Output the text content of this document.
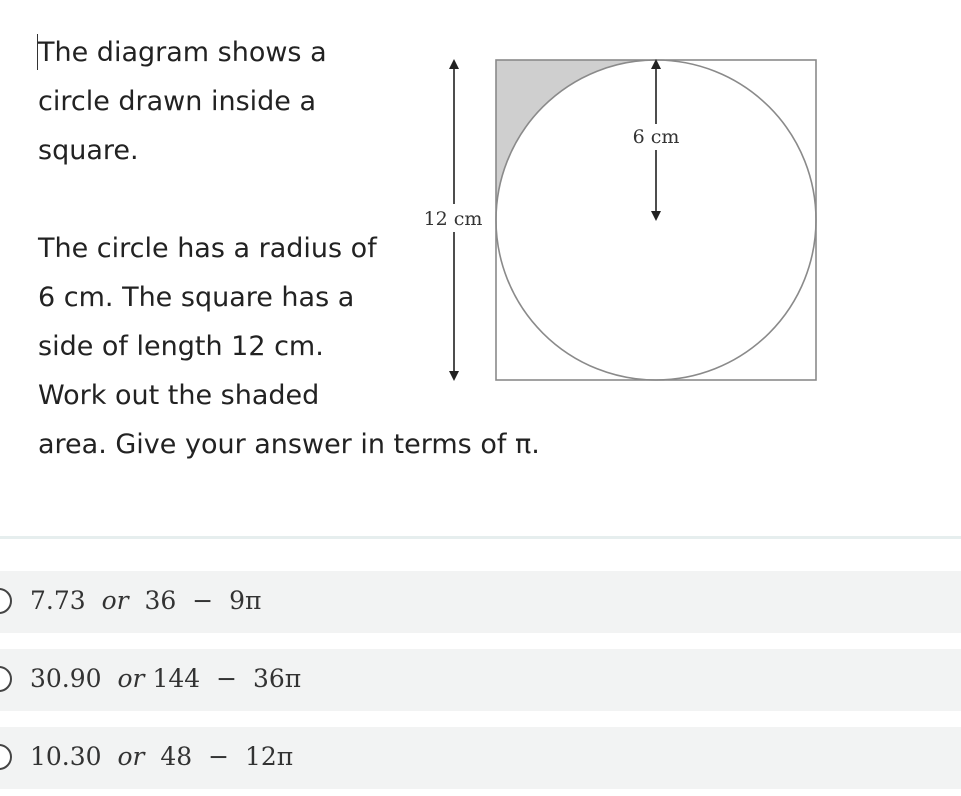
The diagram shows a

circle drawn inside a

square.

The circle has a radius of

6 cm. The square has a

side of length 12 cm.

Work out the shaded

area. Give your answer in terms of π.

6 cm
12 cm
7.73 or 36 − 9π
30.90 or 144 − 36π
10.30 or 48 − 12π
